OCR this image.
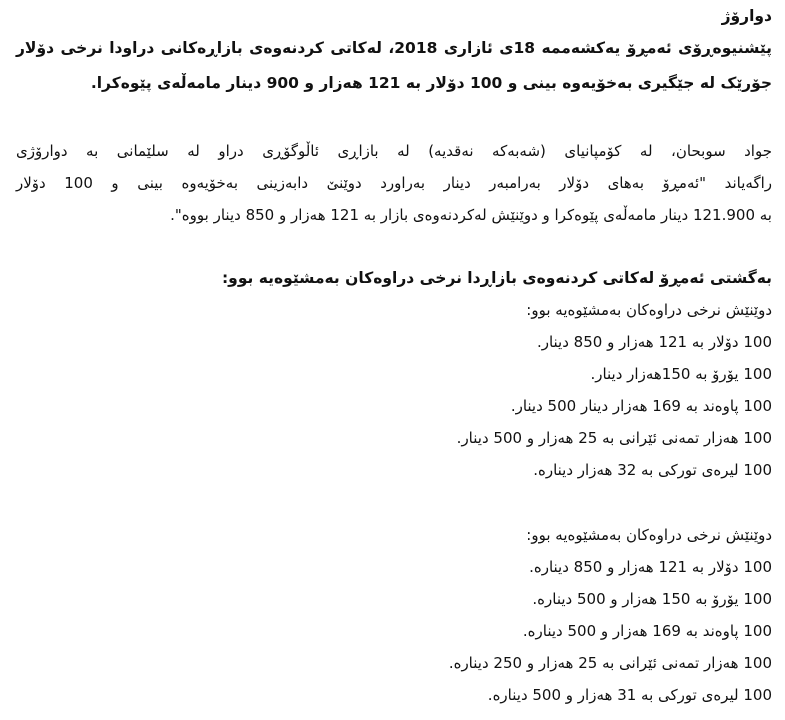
دوارۆژ
پێشنیوەڕۆی ئەمڕۆ یەکشەممە 18ی ئازاری 2018، لەکاتی کردنەوەی بازاڕەکانی دراودا نرخی دۆلار
جۆرێک لە جێگیری بەخۆیەوە بینی و 100 دۆلار بە 121 هەزار و 900 دینار مامەڵەی پێوەکرا.
جواد سوبحان، لە کۆمپانیای (شەبەکە نەقدیە) لە بازاڕی ئاڵوگۆڕی دراو لە سلێمانی بە دوارۆژی
راگەیاند "ئەمڕۆ بەهای دۆلار بەرامبەر دینار بەراورد دوێنێ دابەزینی بەخۆیەوە بینی و 100 دۆلار
بە 121.900 دینار مامەڵەی پێوەکرا و دوێنێش لەکردنەوەی بازار بە 121 هەزار و 850 دینار بووە".
بەگشتی ئەمڕۆ لەکاتی کردنەوەی بازاڕدا نرخی دراوەکان بەمشێوەیە بوو:
دوێنێش نرخی دراوەکان بەمشێوەیە بوو:
100 دۆلار بە 121 هەزار و 850 دینار.
100 یۆرۆ بە 150هەزار دینار.
100 پاوەند بە 169 هەزار دینار 500 دینار.
100 هەزار تمەنی ئێرانی بە 25 هەزار و 500 دینار.
100 لیرەی تورکی بە 32 هەزار دینارە.
دوێنێش نرخی دراوەکان بەمشێوەیە بوو:
100 دۆلار بە 121 هەزار و 850 دینارە.
100 یۆرۆ بە 150 هەزار و 500 دینارە.
100 پاوەند بە 169 هەزار و 500 دینارە.
100 هەزار تمەنی ئێرانی بە 25 هەزار و 250 دینارە.
100 لیرەی تورکی بە 31 هەزار و 500 دینارە.
